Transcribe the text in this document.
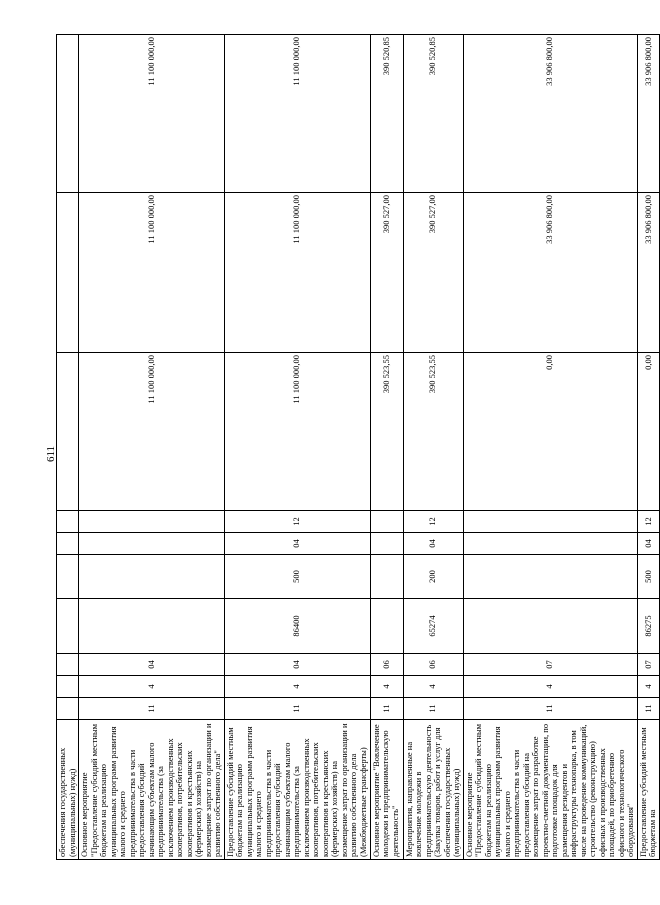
611
обеспечения государственных (муниципальных) нужд)										
Основное мероприятие "Предоставление субсидий местным бюджетам на реализацию муниципальных программ развития малого и среднего предпринимательства в части предоставления субсидий начинающим субъектам малого предпринимательства (за исключением производственных кооперативов, потребительских кооперативов и крестьянских (фермерских) хозяйств) на возмещение затрат по организации и развитию собственного дела"	11	4	04					11 100 000,00	11 100 000,00	11 100 000,00
Предоставление субсидий местным бюджетам на реализацию муниципальных программ развития малого и среднего предпринимательства в части предоставления субсидий начинающим субъектам малого предпринимательства (за исключением производственных кооперативов, потребительских кооперативов и крестьянских (фермерских) хозяйств) на возмещение затрат по организации и развитию собственного дела (Межбюджетные трансферты)	11	4	04	86400	500	04	12	11 100 000,00	11 100 000,00	11 100 000,00
Основное мероприятие "Вовлечение молодежи в предпринимательскую деятельность"	11	4	06					390 523,55	390 527,00	390 520,85
Мероприятия, направленные на вовлечение молодежи в предпринимательскую деятельность (Закупка товаров, работ и услуг для обеспечения государственных (муниципальных) нужд)	11	4	06	65274	200	04	12	390 523,55	390 527,00	390 520,85
Основное мероприятие "Предоставление субсидий местным бюджетам на реализацию муниципальных программ развития малого и среднего предпринимательства в части предоставления субсидий на возмещение затрат по разработке проектно-сметной документации, по подготовке площадок для размещения резидентов и инфраструктуры технопарка, в том числе на проведение коммуникаций, строительство (реконструкцию) офисных и производственных площадей, по приобретению офисного и технологического оборудования"	11	4	07					0,00	33 906 800,00	33 906 800,00
Предоставление субсидий местным бюджетам на	11	4	07	86275	500	04	12	0,00	33 906 800,00	33 906 800,00
